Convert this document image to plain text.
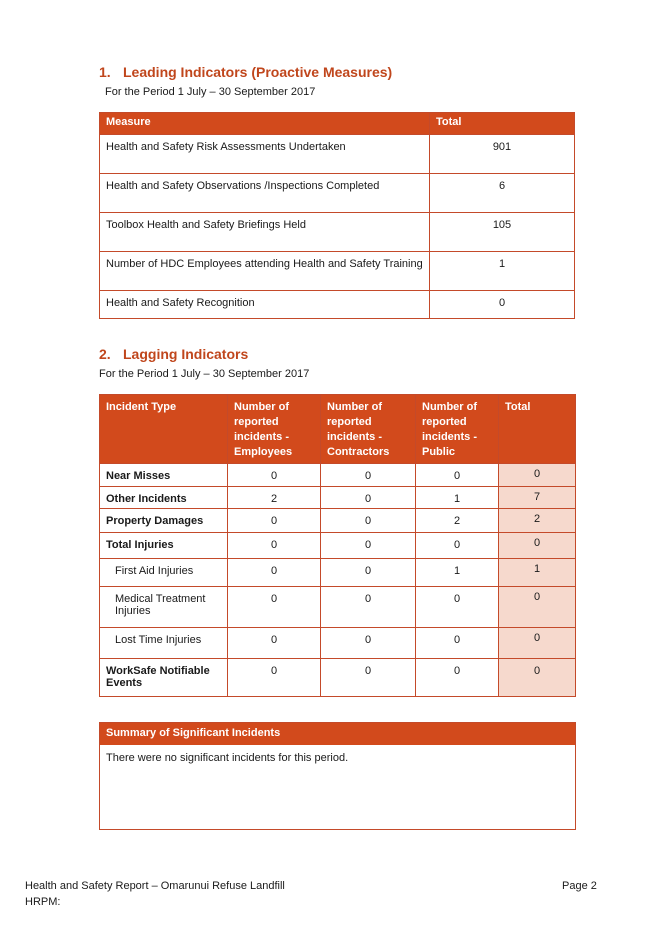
1. Leading Indicators (Proactive Measures)
For the Period 1 July – 30 September 2017
Measure	Total
Health and Safety Risk Assessments Undertaken	901
Health and Safety Observations /Inspections Completed	6
Toolbox Health and Safety Briefings Held	105
Number of HDC Employees attending Health and Safety Training	1
Health and Safety Recognition	0
2. Lagging Indicators
For the Period 1 July – 30 September 2017
Incident Type	Number of reported incidents - Employees	Number of reported incidents - Contractors	Number of reported incidents - Public	Total
Near Misses	0	0	0	0
Other Incidents	2	0	1	7
Property Damages	0	0	2	2
Total Injuries	0	0	0	0
First Aid Injuries	0	0	1	1
Medical Treatment Injuries	0	0	0	0
Lost Time Injuries	0	0	0	0
WorkSafe Notifiable Events	0	0	0	0
Summary of Significant Incidents
There were no significant incidents for this period.
Health and Safety Report – Omarunui Refuse Landfill	Page 2
HRPM:
